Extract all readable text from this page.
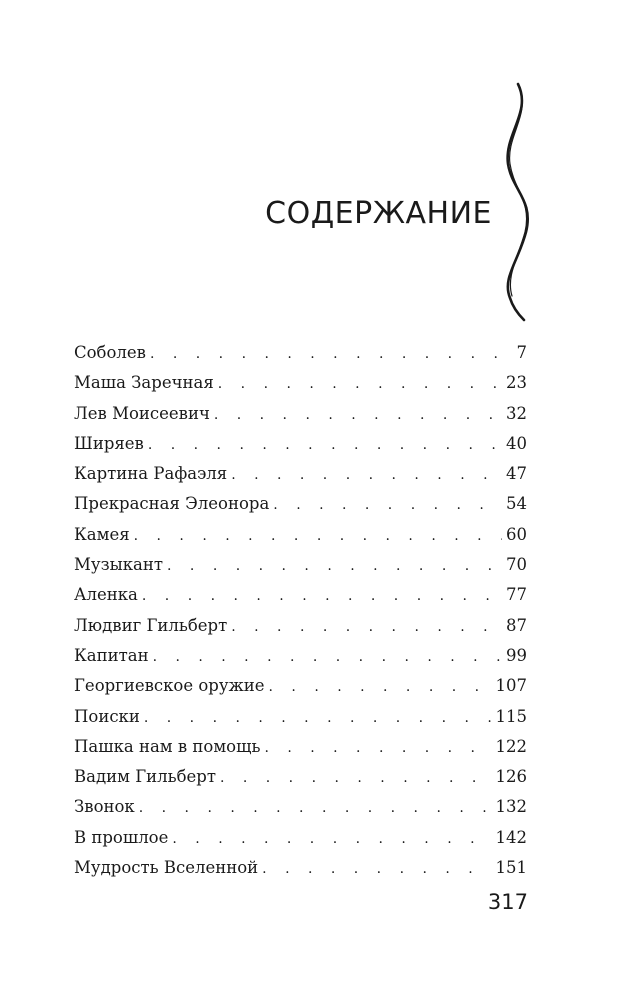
СОДЕРЖАНИЕ
Соболев . . .	7
Маша Заречная . . .	23
Лев Моисеевич . . .	32
Ширяев . . .	40
Картина Рафаэля . . .	47
Прекрасная Элеонора . . .	54
Камея . . .	60
Музыкант . . .	70
Аленка . . .	77
Людвиг Гильберт . . .	87
Капитан . . .	99
Георгиевское оружие . . .	107
Поиски . . .	115
Пашка нам в помощь . . .	122
Вадим Гильберт . . .	126
Звонок . . .	132
В прошлое . . .	142
Мудрость Вселенной . . .	151
317
